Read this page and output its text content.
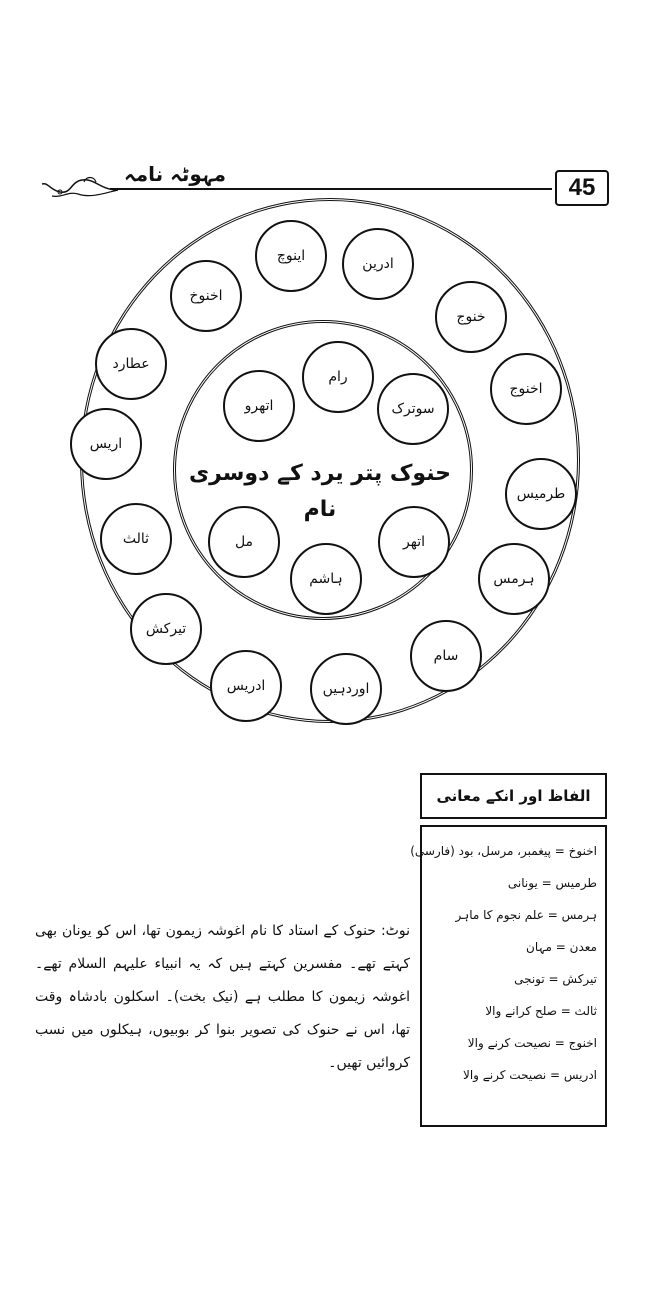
45
مہوٹہ نامہ
ادرین
خنوج
اخنوج
طرمیس
ہرمس
سام
اوردہیں
ادریس
تیرکش
ثالث
اریس
عطارد
اخنوخ
اینوچ
رام
سوترک
اتھر
ہاشم
مل
اتھرو
حنوک پتر یرد کے دوسری نام
الفاظ اور انکے معانی
اخنوخ = پیغمبر، مرسل، بود (فارسی)
طرمیس = یونانی
ہرمس = علم نجوم کا ماہر
معدن = مہان
تیرکش = تونجی
ثالث = صلح کرانے والا
اخنوج = نصیحت کرنے والا
ادریس = نصیحت کرنے والا

نوٹ: حنوک کے استاد کا نام اغوشہ زیمون تھا، اس کو یونان بھی کہتے تھے۔ مفسرین کہتے ہیں کہ یہ انبیاء علیہم السلام تھے۔ اغوشہ زیمون کا مطلب ہے (نیک بخت)۔ اسکلون بادشاہ وقت تھا، اس نے حنوک کی تصویر بنوا کر بوبیوں، ہیکلوں میں نسب کروائیں تھیں۔
